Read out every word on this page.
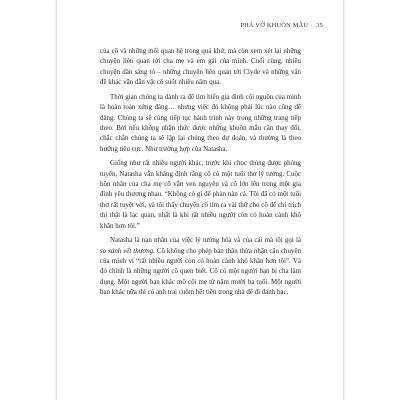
PHÁ VỠ KHUÔN MẪU · 35

của cô và những mối quan hệ trong quá khứ, mà còn xem xét lại những chuyện liên quan tới cha mẹ và em gái của mình. Cuối cùng, nhiều chuyện dần sáng tỏ – những chuyện liên quan tới Clyde và những vấn đề khác vẫn dẫn vặt cô suốt nhiều năm qua.

Thời gian chúng ta dành ra để tìm hiểu gia đình cội nguồn của mình là hoàn toàn xứng đáng… nhưng việc đó không phải lúc nào cũng dễ dàng. Chúng ta sẽ cùng tiếp tục hành trình này trong những trang tiếp theo. Bởi nếu không nhận thức được những khuôn mẫu cần thay đổi, chắc chắn chúng ta sẽ lặp lại chúng theo dự đoán, và thường là theo hướng tiêu cực. Như trường hợp của Natasha.

Giống như rất nhiều người khác, trước khi chọc thủng được phòng tuyến, Natasha vẫn khăng định rằng cô có một tuổi thơ lý tưởng. Cuộc hôn nhân của cha mẹ cô vẫn ven nguyên và cô lớn lên trong một gia đình yêu thương nhau. “Không có gì để phàn nàn cả. Tôi đã có một tuổi thơ rất tuyệt vời, và tôi thấy chuyện cố tìm ra vài thứ cho cô để chỉ trích thì thật là lạc quan, nhất là khi rất nhiều người còn có hoàn cảnh khó khăn hơn tôi.”

Natasha là nạn nhân của việc lý tưởng hóa và của cái mà tôi gọi là so sánh vết thương. Cô không cho phép bản thân thừa nhận câu chuyện của mình vì “rất nhiều người còn có hoàn cảnh khó khăn hơn tôi”. Và đó chính là những người cô quen biết. Cô có một người bạn bị cha làm dụng. Một người bạn khác mồ côi mẹ từ năm mười ba tuổi. Một người bạn khác nữa thì có anh trai cuồm hết tiền trong nhà để đi đánh bạc.
